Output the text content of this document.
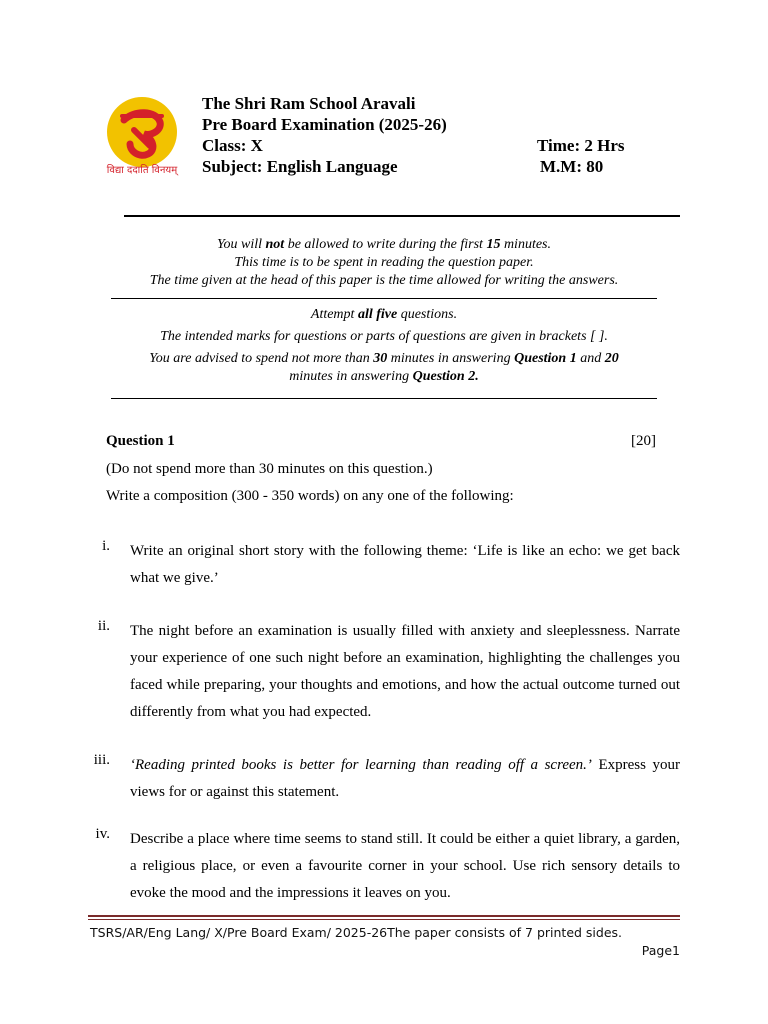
विद्या ददाति विनयम्
The Shri Ram School Aravali
Pre Board Examination (2025-26)
Class: X
Subject: English Language
Time: 2 Hrs
M.M: 80

You will not be allowed to write during the first 15 minutes.

This time is to be spent in reading the question paper.

The time given at the head of this paper is the time allowed for writing the answers.

Attempt all five questions.

The intended marks for questions or parts of questions are given in brackets [ ].

You are advised to spend not more than 30 minutes in answering Question 1 and 20
minutes in answering Question 2.

Question 1	[20]
(Do not spend more than 30 minutes on this question.)
Write a composition (300 - 350 words) on any one of the following:
i. Write an original short story with the following theme: ‘Life is like an echo: we get back what we give.’
ii. The night before an examination is usually filled with anxiety and sleeplessness. Narrate your experience of one such night before an examination, highlighting the challenges you faced while preparing, your thoughts and emotions, and how the actual outcome turned out differently from what you had expected.
iii. ‘Reading printed books is better for learning than reading off a screen.’ Express your views for or against this statement.
iv. Describe a place where time seems to stand still. It could be either a quiet library, a garden, a religious place, or even a favourite corner in your school. Use rich sensory details to evoke the mood and the impressions it leaves on you.
TSRS/AR/Eng Lang/ X/Pre Board Exam/ 2025-26The paper consists of 7 printed sides.
Page1
